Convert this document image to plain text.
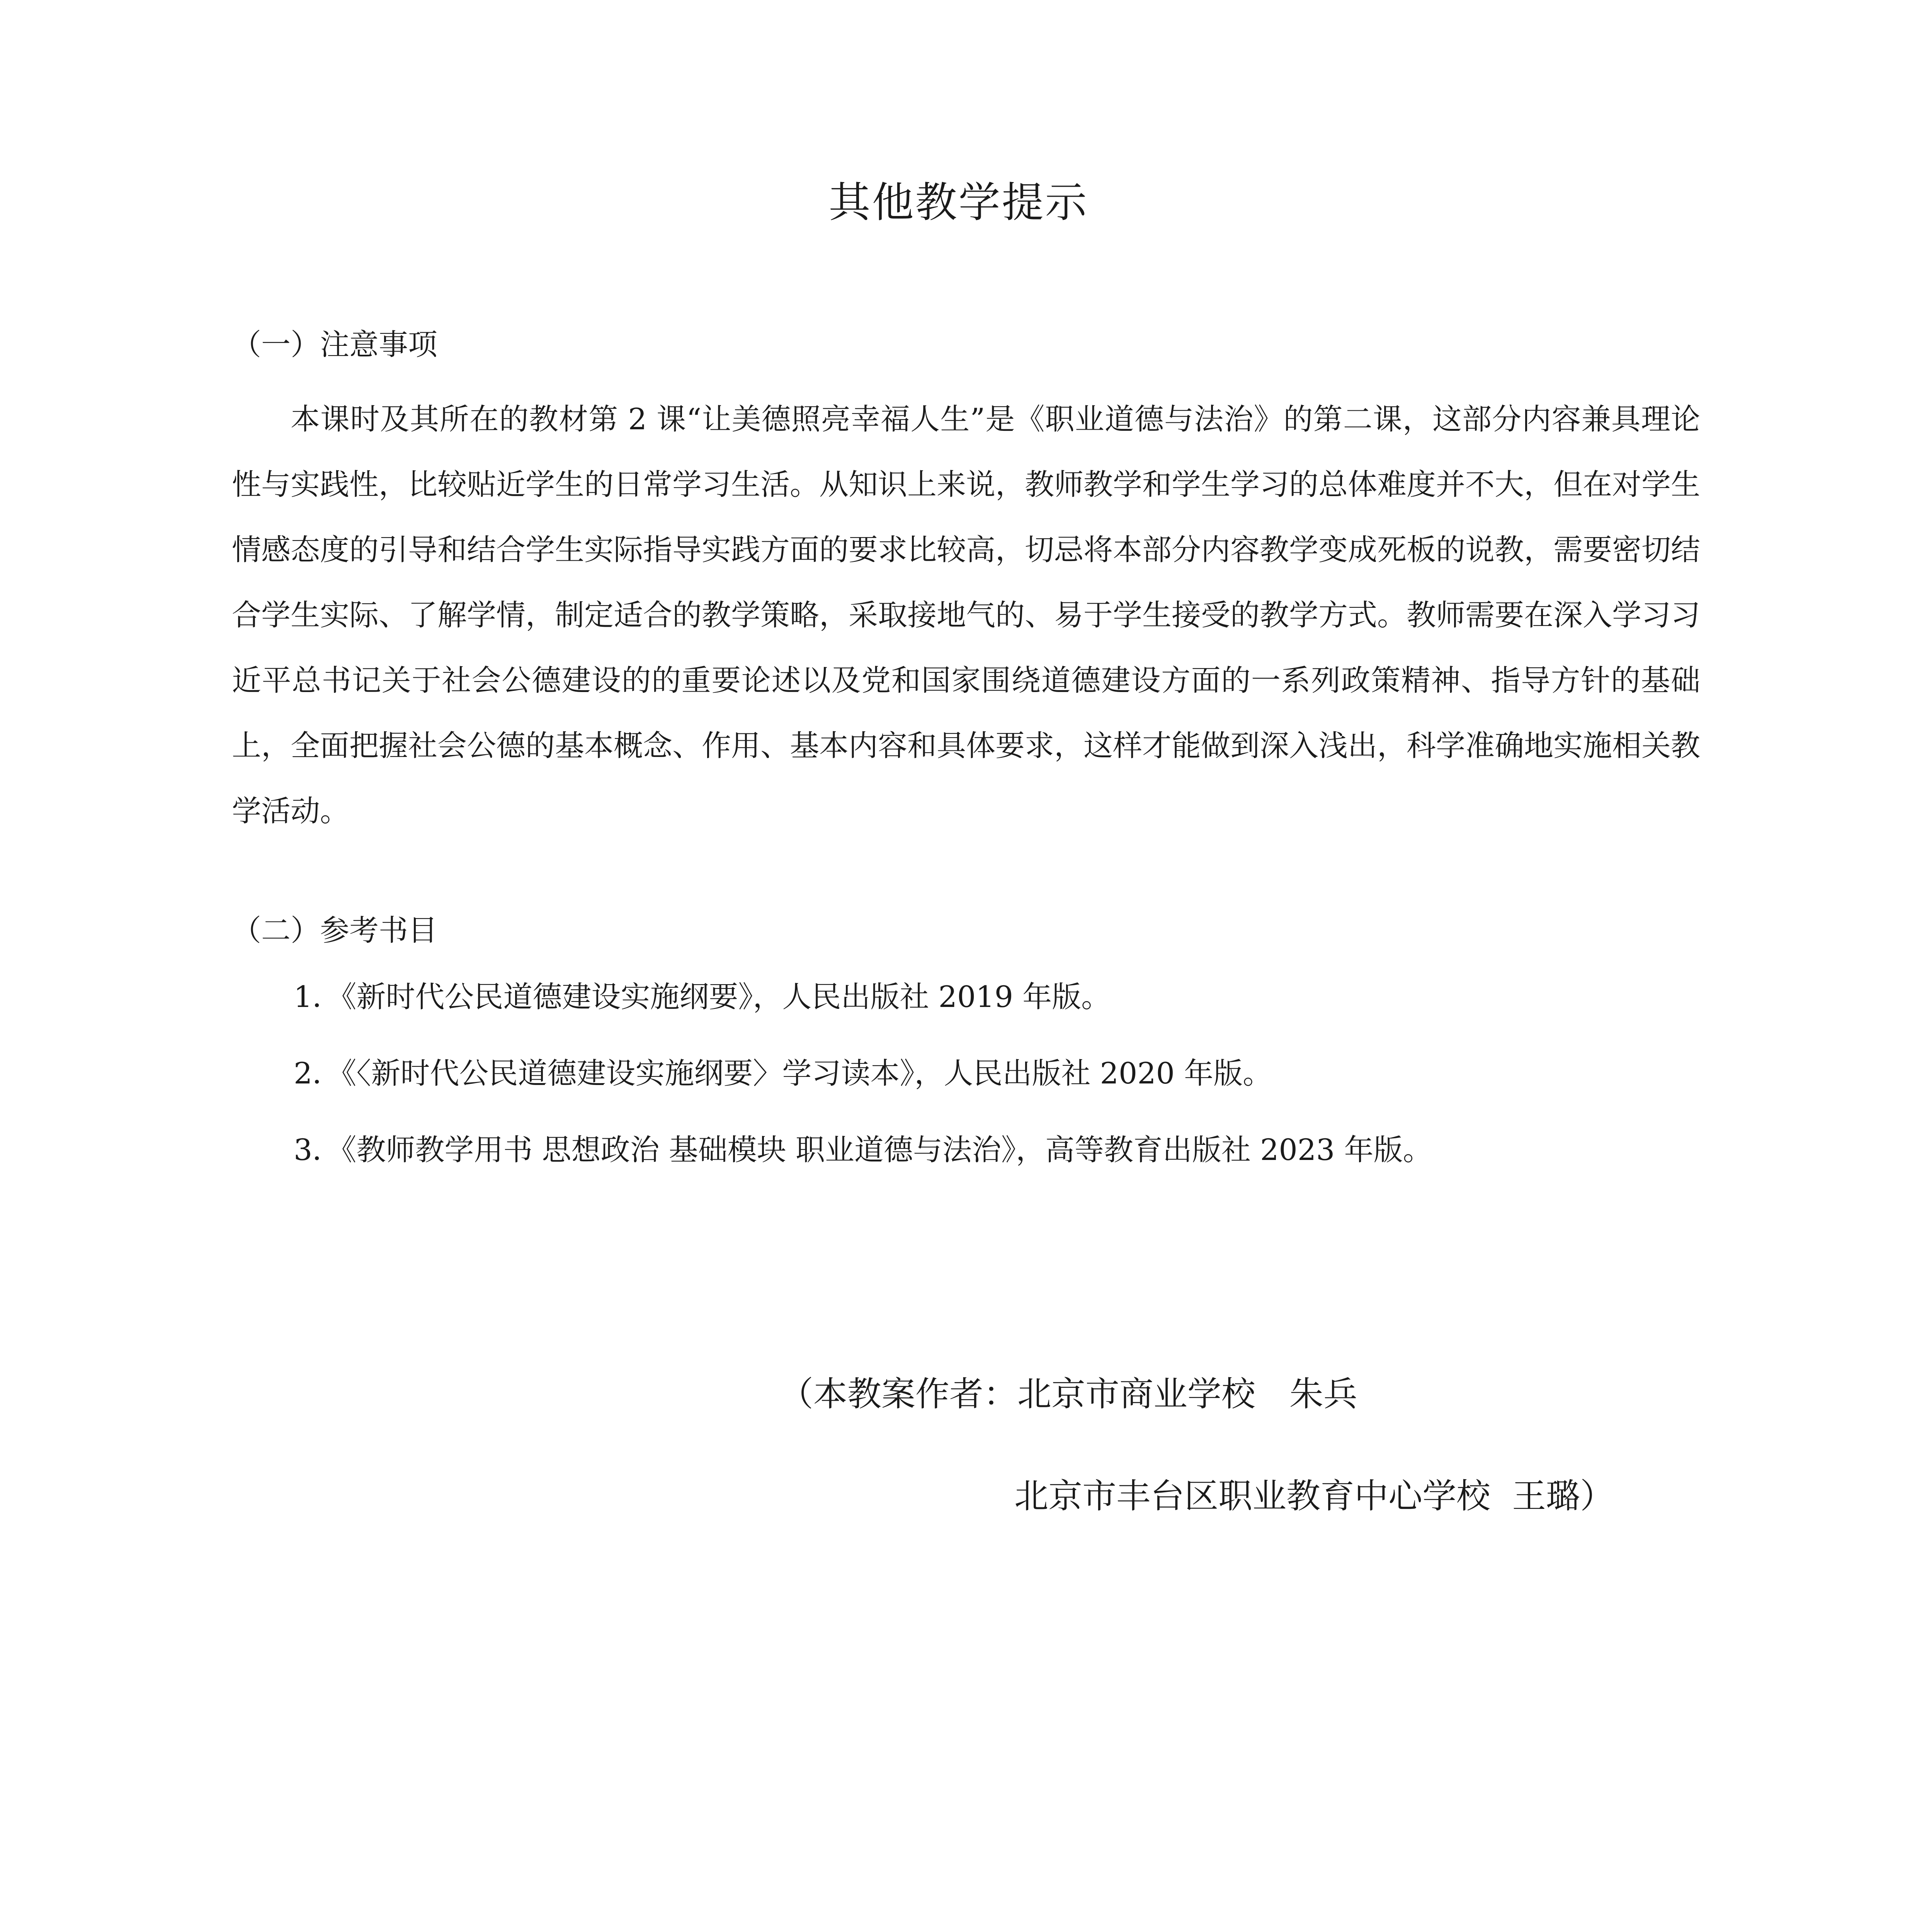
其他教学提示
（一）注意事项
本课时及其所在的教材第 2 课“让美德照亮幸福人生”是《职业道德与法治》的第二课，这部分内容兼具理论性与实践性，比较贴近学生的日常学习生活。从知识上来说，教师教学和学生学习的总体难度并不大，但在对学生情感态度的引导和结合学生实际指导实践方面的要求比较高，切忌将本部分内容教学变成死板的说教，需要密切结合学生实际、了解学情，制定适合的教学策略，采取接地气的、易于学生接受的教学方式。教师需要在深入学习习近平总书记关于社会公德建设的的重要论述以及党和国家围绕道德建设方面的一系列政策精神、指导方针的基础上，全面把握社会公德的基本概念、作用、基本内容和具体要求，这样才能做到深入浅出，科学准确地实施相关教学活动。
（二）参考书目
1．《新时代公民道德建设实施纲要》，人民出版社 2019 年版。
2．《〈新时代公民道德建设实施纲要〉学习读本》，人民出版社 2020 年版。
3．《教师教学用书 思想政治 基础模块 职业道德与法治》，高等教育出版社 2023 年版。

（本教案作者：北京市商业学校　朱兵

北京市丰台区职业教育中心学校  王璐）
